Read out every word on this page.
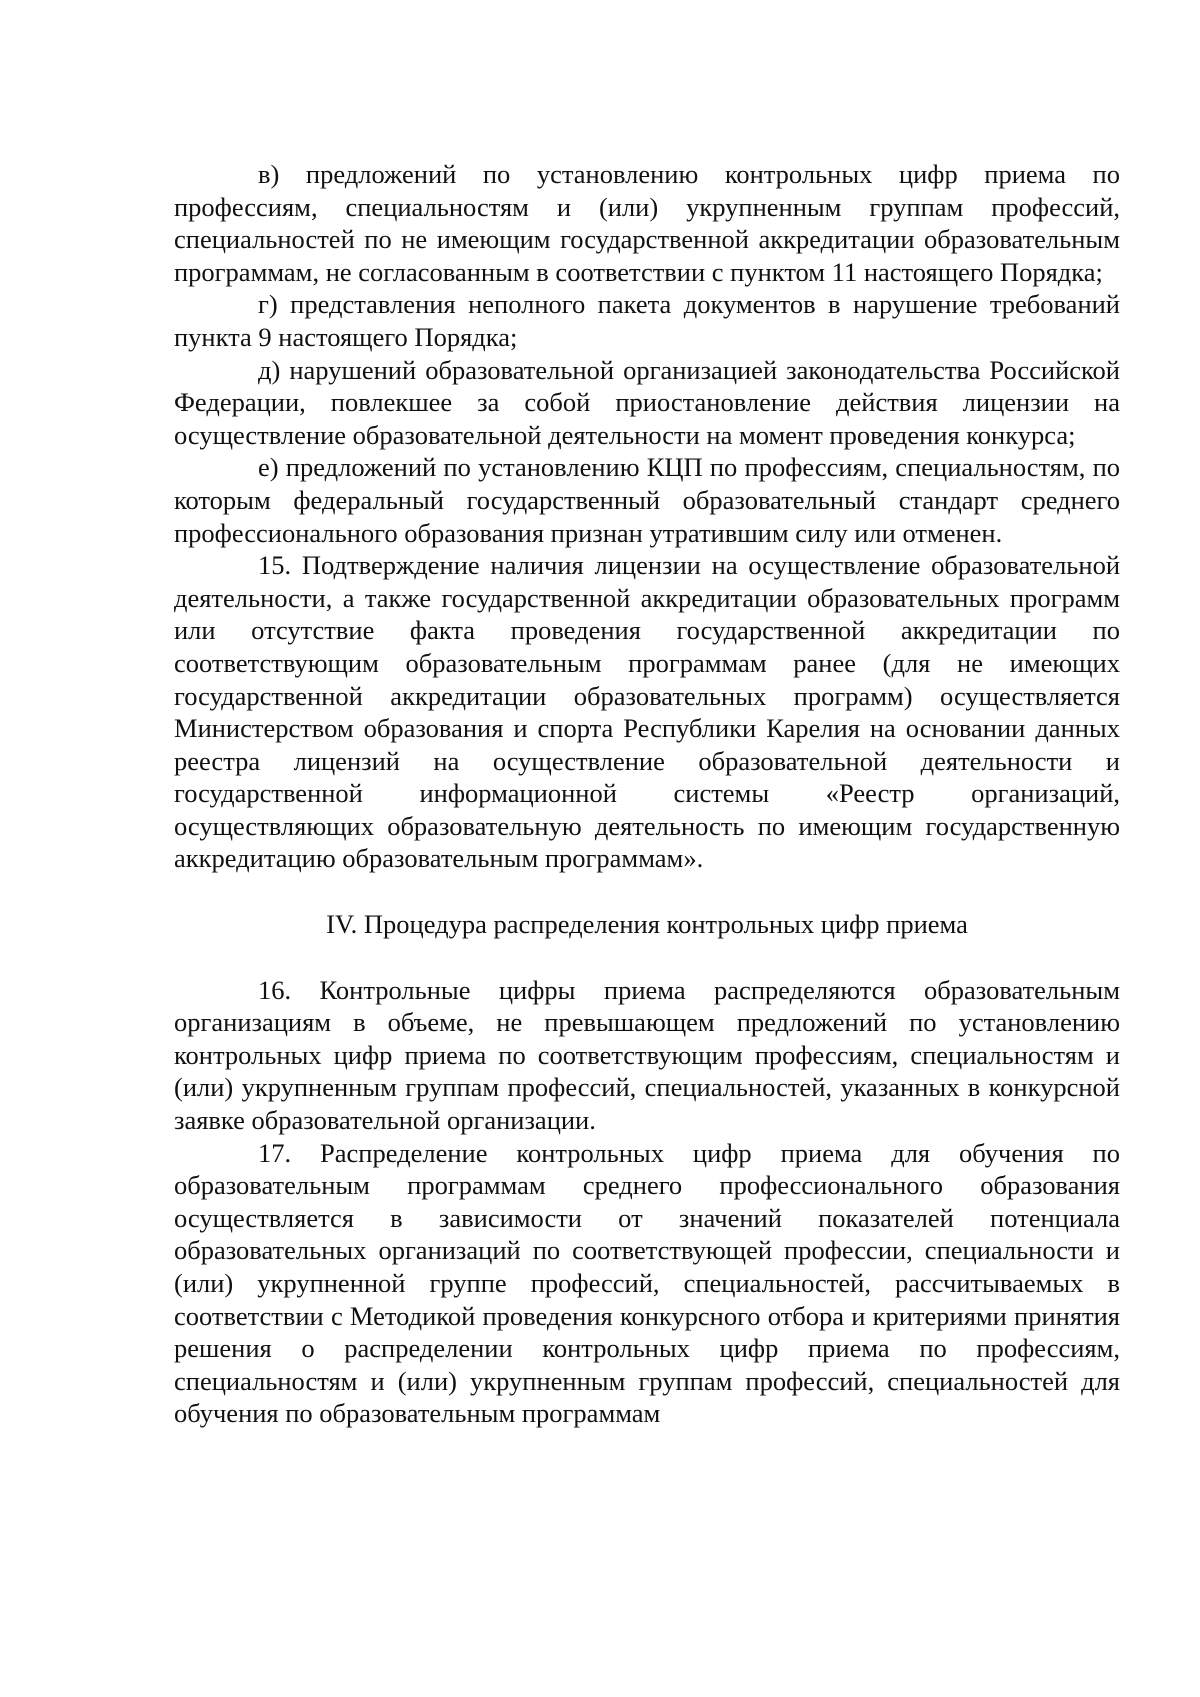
в) предложений по установлению контрольных цифр приема по профессиям, специальностям и (или) укрупненным группам профессий, специальностей по не имеющим государственной аккредитации образовательным программам, не согласованным в соответствии с пунктом 11 настоящего Порядка;

г) представления неполного пакета документов в нарушение требований пункта 9 настоящего Порядка;

д) нарушений образовательной организацией законодательства Российской Федерации, повлекшее за собой приостановление действия лицензии на осуществление образовательной деятельности на момент проведения конкурса;

е) предложений по установлению КЦП по профессиям, специальностям, по которым федеральный государственный образовательный стандарт среднего профессионального образования признан утратившим силу или отменен.

15. Подтверждение наличия лицензии на осуществление образовательной деятельности, а также государственной аккредитации образовательных программ или отсутствие факта проведения государственной аккредитации по соответствующим образовательным программам ранее (для не имеющих государственной аккредитации образовательных программ) осуществляется Министерством образования и спорта Республики Карелия на основании данных реестра лицензий на осуществление образовательной деятельности и государственной информационной системы «Реестр организаций, осуществляющих образовательную деятельность по имеющим государственную аккредитацию образовательным программам».

IV. Процедура распределения контрольных цифр приема

16. Контрольные цифры приема распределяются образовательным организациям в объеме, не превышающем предложений по установлению контрольных цифр приема по соответствующим профессиям, специальностям и (или) укрупненным группам профессий, специальностей, указанных в конкурсной заявке образовательной организации.

17. Распределение контрольных цифр приема для обучения по образовательным программам среднего профессионального образования осуществляется в зависимости от значений показателей потенциала образовательных организаций по соответствующей профессии, специальности и (или) укрупненной группе профессий, специальностей, рассчитываемых в соответствии с Методикой проведения конкурсного отбора и критериями принятия решения о распределении контрольных цифр приема по профессиям, специальностям и (или) укрупненным группам профессий, специальностей для обучения по образовательным программам
